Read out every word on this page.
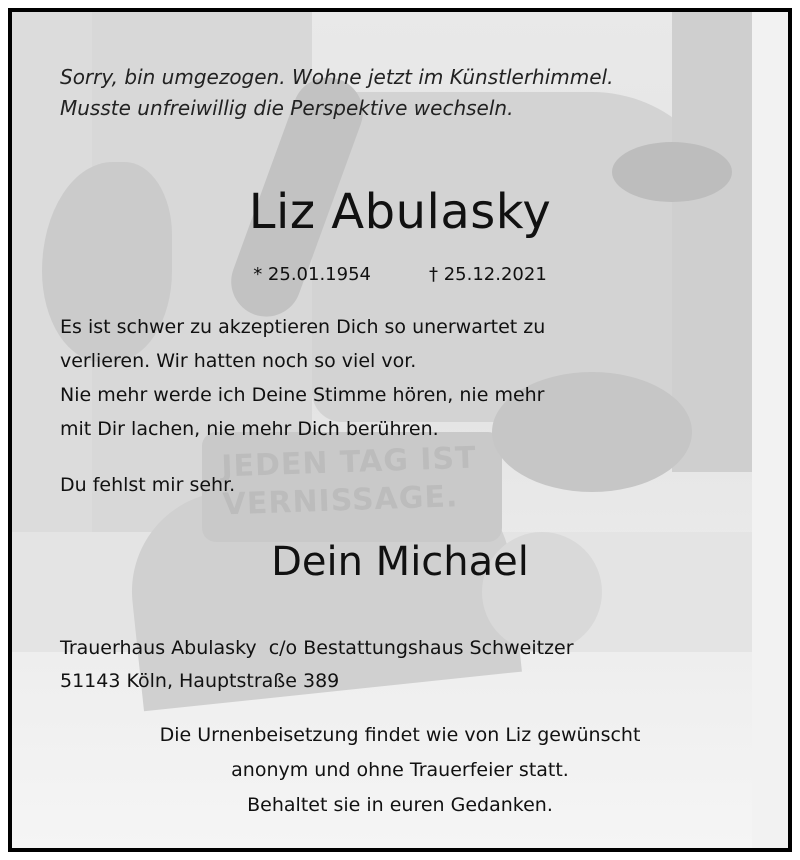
JEDEN TAG IST
VERNISSAGE.
Sorry, bin umgezogen. Wohne jetzt im Künstlerhimmel.
Musste unfreiwillig die Perspektive wechseln.
Liz Abulasky
* 25.01.1954	† 25.12.2021
Es ist schwer zu akzeptieren Dich so unerwartet zu
verlieren. Wir hatten noch so viel vor.
Nie mehr werde ich Deine Stimme hören, nie mehr
mit Dir lachen, nie mehr Dich berühren.
Du fehlst mir sehr.
Dein Michael
Trauerhaus Abulasky  c/o Bestattungshaus Schweitzer
51143 Köln, Hauptstraße 389
Die Urnenbeisetzung findet wie von Liz gewünscht
anonym und ohne Trauerfeier statt.
Behaltet sie in euren Gedanken.
